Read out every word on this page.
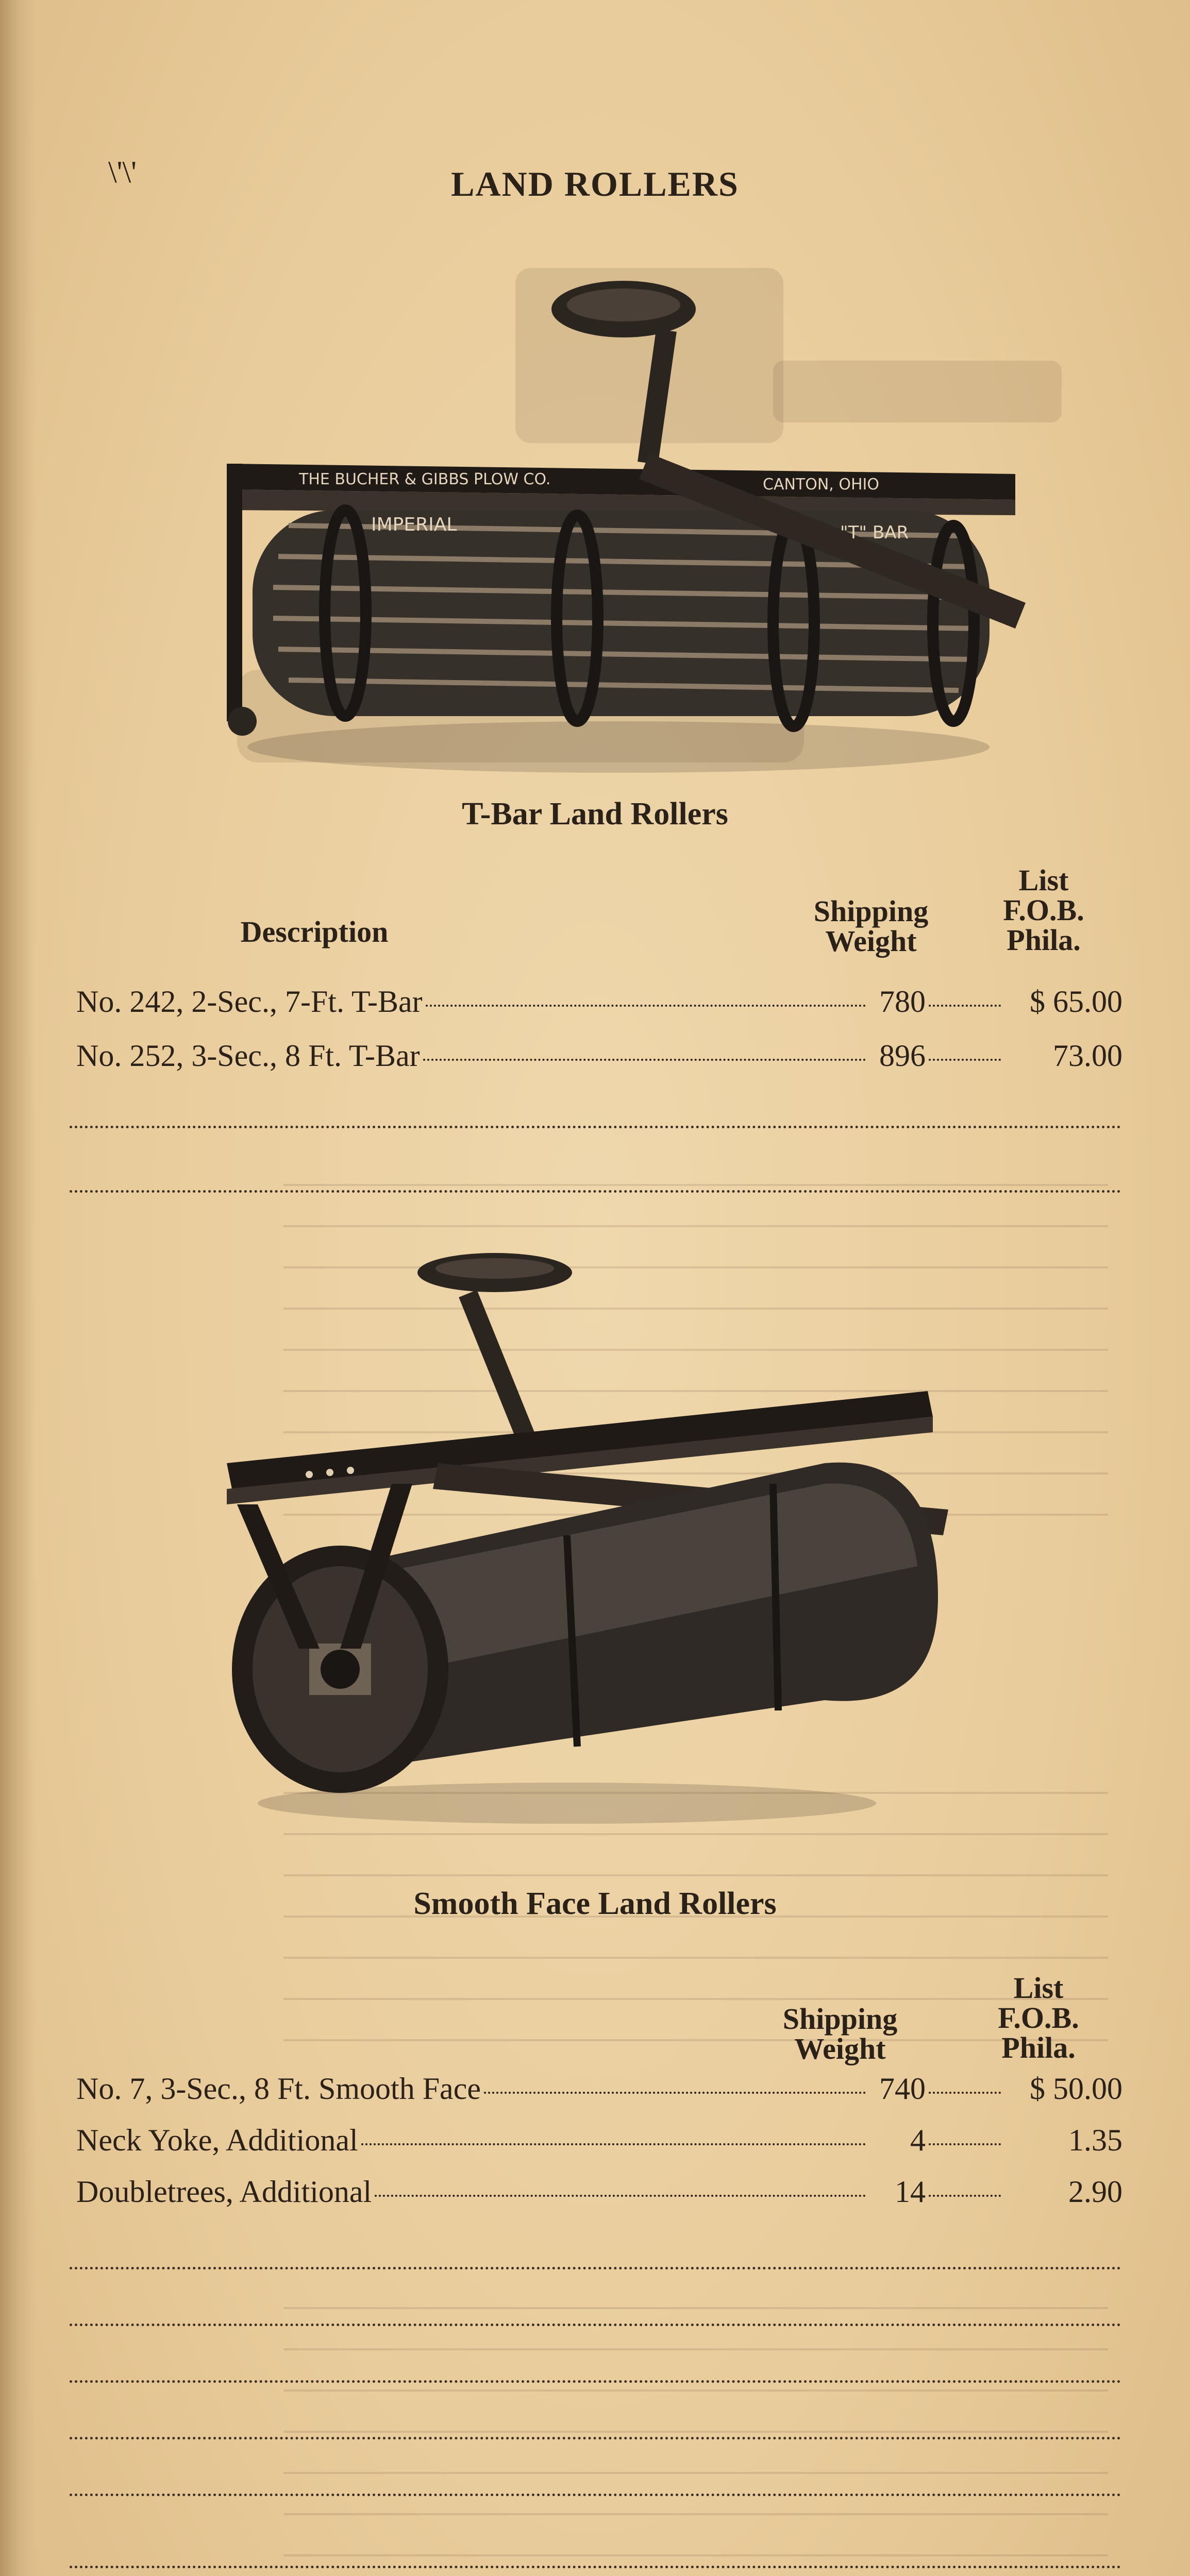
\'\'	LAND ROLLERS
THE BUCHER & GIBBS PLOW CO.	CANTON, OHIO
IMPERIAL	"T" BAR
T-Bar Land Rollers
Description
Shipping
Weight
List
F.O.B.
Phila.
No. 242, 2-Sec., 7-Ft. T-Bar	780	$ 65.00
No. 252, 3-Sec., 8 Ft. T-Bar	896	73.00
Smooth Face Land Rollers
Shipping
Weight
List
F.O.B.
Phila.
No. 7, 3-Sec., 8 Ft. Smooth Face	740	$ 50.00
Neck Yoke, Additional	4	1.35
Doubletrees, Additional	14	2.90
